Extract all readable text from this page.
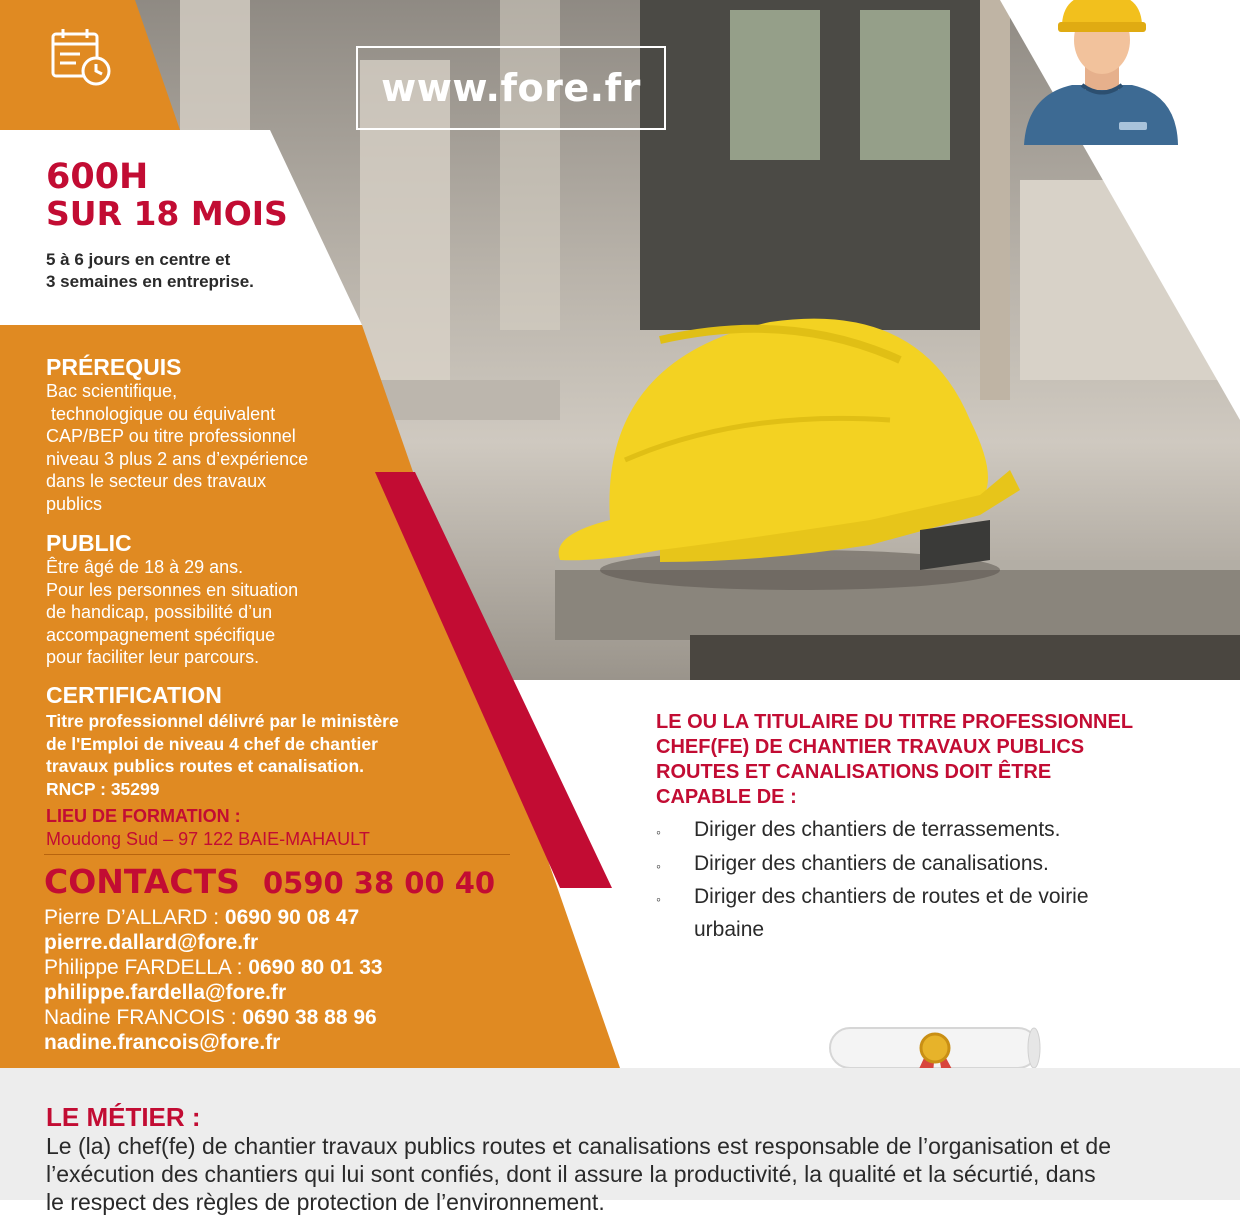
www.fore.fr
600H
SUR 18 MOIS
5 à 6 jours en centre et
3 semaines en entreprise.
PRÉREQUIS
Bac scientifique,
technologique ou équivalent
CAP/BEP ou titre professionnel
niveau 3 plus 2 ans d’expérience
dans le secteur des travaux
publics
PUBLIC
Être âgé de 18 à 29 ans.
Pour les personnes en situation
de handicap, possibilité d’un
accompagnement spécifique
pour faciliter leur parcours.
CERTIFICATION
Titre professionnel délivré par le ministère
de l'Emploi de niveau 4 chef de chantier
travaux publics routes et canalisation.
RNCP : 35299
LIEU DE FORMATION :
Moudong Sud – 97 122 BAIE-MAHAULT
CONTACTS 0590 38 00 40
Pierre D’ALLARD : 0690 90 08 47
pierre.dallard@fore.fr
Philippe FARDELLA : 0690 80 01 33
philippe.fardella@fore.fr
Nadine FRANCOIS : 0690 38 88 96
nadine.francois@fore.fr
LE OU LA TITULAIRE DU TITRE PROFESSIONNEL
CHEF(FE) DE CHANTIER TRAVAUX PUBLICS
ROUTES ET CANALISATIONS DOIT ÊTRE
CAPABLE DE :
◦ Diriger des chantiers de terrassements.
◦ Diriger des chantiers de canalisations.
◦ Diriger des chantiers de routes et de voirie
urbaine
LE MÉTIER :
Le (la) chef(fe) de chantier travaux publics routes et canalisations est responsable de l’organisation et de
l’exécution des chantiers qui lui sont confiés, dont il assure la productivité, la qualité et la sécurtié, dans
le respect des règles de protection de l’environnement.
